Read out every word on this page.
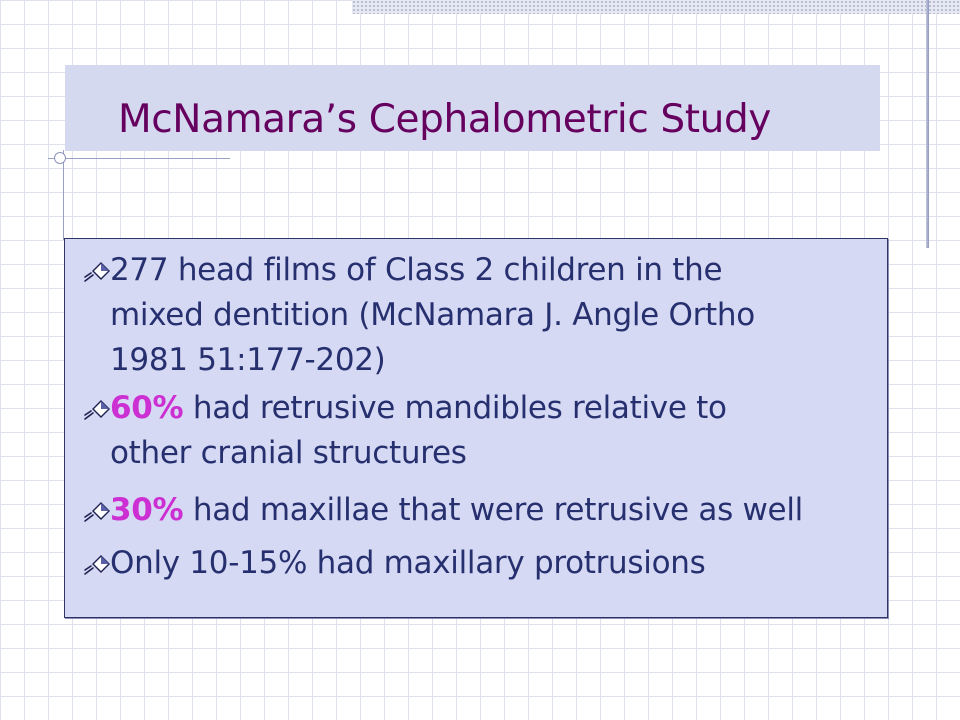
McNamara’s Cephalometric Study
277 head films of Class 2 children in the
mixed dentition (McNamara J. Angle Ortho
1981 51:177-202)
60% had retrusive mandibles relative to
other cranial structures
30% had maxillae that were retrusive as well
Only 10-15% had maxillary protrusions
